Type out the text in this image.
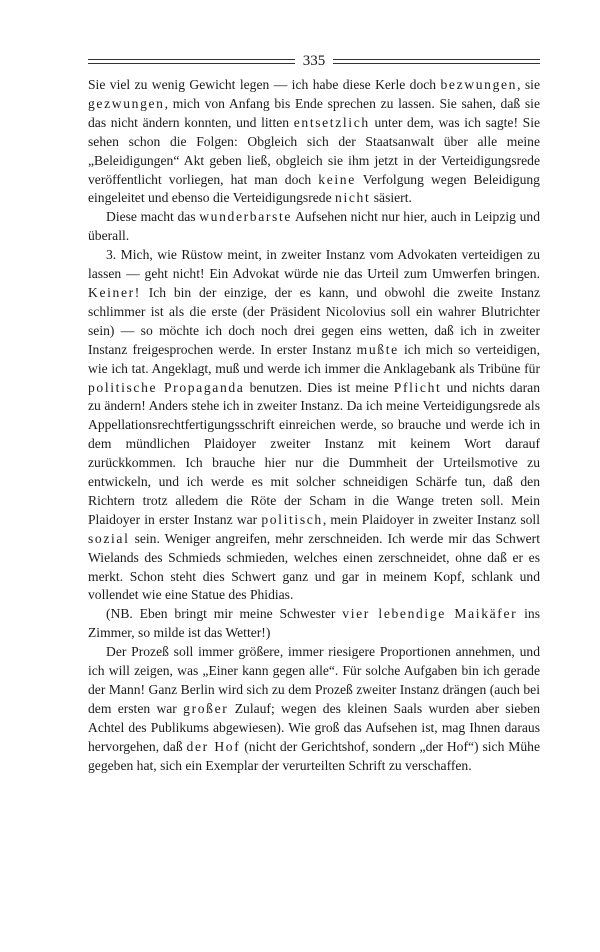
335

Sie viel zu wenig Gewicht legen — ich habe diese Kerle doch bezwungen, sie gezwungen, mich von Anfang bis Ende sprechen zu lassen. Sie sahen, daß sie das nicht ändern konnten, und litten entsetzlich unter dem, was ich sagte! Sie sehen schon die Folgen: Obgleich sich der Staatsanwalt über alle meine „Beleidigungen“ Akt geben ließ, obgleich sie ihm jetzt in der Verteidigungsrede veröffentlicht vorliegen, hat man doch keine Verfolgung wegen Beleidigung eingeleitet und ebenso die Verteidigungsrede nicht säsiert.

Diese macht das wunderbarste Aufsehen nicht nur hier, auch in Leipzig und überall.

3. Mich, wie Rüstow meint, in zweiter Instanz vom Advokaten verteidigen zu lassen — geht nicht! Ein Advokat würde nie das Urteil zum Umwerfen bringen. Keiner! Ich bin der einzige, der es kann, und obwohl die zweite Instanz schlimmer ist als die erste (der Präsident Nicolovius soll ein wahrer Blutrichter sein) — so möchte ich doch noch drei gegen eins wetten, daß ich in zweiter Instanz freigesprochen werde. In erster Instanz mußte ich mich so verteidigen, wie ich tat. Angeklagt, muß und werde ich immer die Anklagebank als Tribüne für politische Propaganda benutzen. Dies ist meine Pflicht und nichts daran zu ändern! Anders stehe ich in zweiter Instanz. Da ich meine Verteidigungsrede als Appellationsrechtfertigungsschrift einreichen werde, so brauche und werde ich in dem mündlichen Plaidoyer zweiter Instanz mit keinem Wort darauf zurückkommen. Ich brauche hier nur die Dummheit der Urteilsmotive zu entwickeln, und ich werde es mit solcher schneidigen Schärfe tun, daß den Richtern trotz alledem die Röte der Scham in die Wange treten soll. Mein Plaidoyer in erster Instanz war politisch, mein Plaidoyer in zweiter Instanz soll sozial sein. Weniger angreifen, mehr zerschneiden. Ich werde mir das Schwert Wielands des Schmieds schmieden, welches einen zerschneidet, ohne daß er es merkt. Schon steht dies Schwert ganz und gar in meinem Kopf, schlank und vollendet wie eine Statue des Phidias.

(NB. Eben bringt mir meine Schwester vier lebendige Maikäfer ins Zimmer, so milde ist das Wetter!)

Der Prozeß soll immer größere, immer riesigere Proportionen annehmen, und ich will zeigen, was „Einer kann gegen alle“. Für solche Aufgaben bin ich gerade der Mann! Ganz Berlin wird sich zu dem Prozeß zweiter Instanz drängen (auch bei dem ersten war großer Zulauf; wegen des kleinen Saals wurden aber sieben Achtel des Publikums abgewiesen). Wie groß das Aufsehen ist, mag Ihnen daraus hervorgehen, daß der Hof (nicht der Gerichtshof, sondern „der Hof“) sich Mühe gegeben hat, sich ein Exemplar der verurteilten Schrift zu verschaffen.
